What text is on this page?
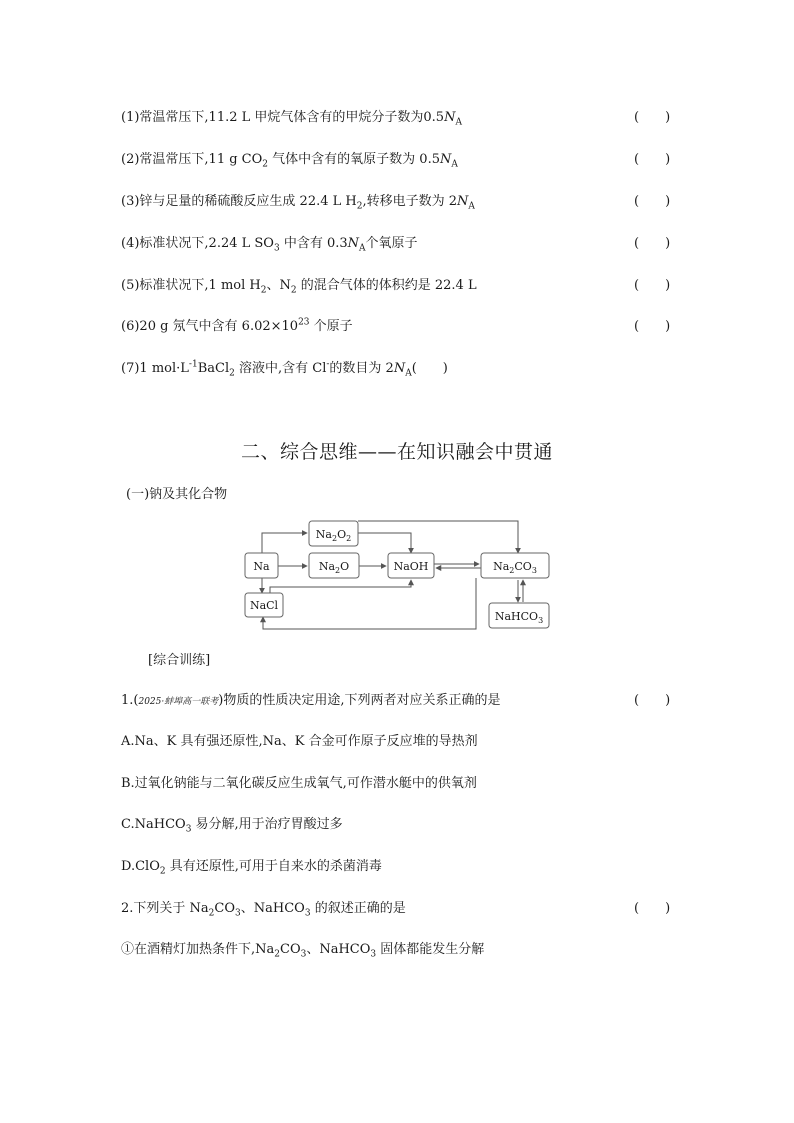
(1)常温常压下,11.2 L 甲烷气体含有的甲烷分子数为$0.5N_A$	(　　)
(2)常温常压下,11 g $CO_2$ 气体中含有的氧原子数为 $0.5N_A$	(　　)
(3)锌与足量的稀硫酸反应生成 22.4 L $H_2$,转移电子数为 $2N_A$	(　　)
(4)标准状况下,2.24 L $SO_3$ 中含有 $0.3N_A$个氧原子	(　　)
(5)标准状况下,1 mol $H_2$、$N_2$ 的混合气体的体积约是 22.4 L	(　　)
(6)20 g 氖气中含有 $6.02\times 10^{23}$ 个原子	(　　)
(7)1 $mol\cdot L^{-1}BaCl_2$ 溶液中,含有 Cl-的数目为 $2N_A$(　　)
二、综合思维——在知识融会中贯通
(一)钠及其化合物
Na
$Na_2O_2$
$Na_2O$	NaOH	$Na_2CO_3$
NaCl
NaHCO$_3$
[综合训练]
1.(2025·蚌埠高一联考)物质的性质决定用途,下列两者对应关系正确的是	(　　)
A.Na、K 具有强还原性,Na、K 合金可作原子反应堆的导热剂
B.过氧化钠能与二氧化碳反应生成氧气,可作潜水艇中的供氧剂
C.NaHCO$_3$ 易分解,用于治疗胃酸过多
D.ClO$_2$ 具有还原性,可用于自来水的杀菌消毒
2.下列关于 $Na_2CO_3$、NaHCO$_3$ 的叙述正确的是	(　　)
①在酒精灯加热条件下$,Na_2CO_3$、NaHCO$_3$ 固体都能发生分解
